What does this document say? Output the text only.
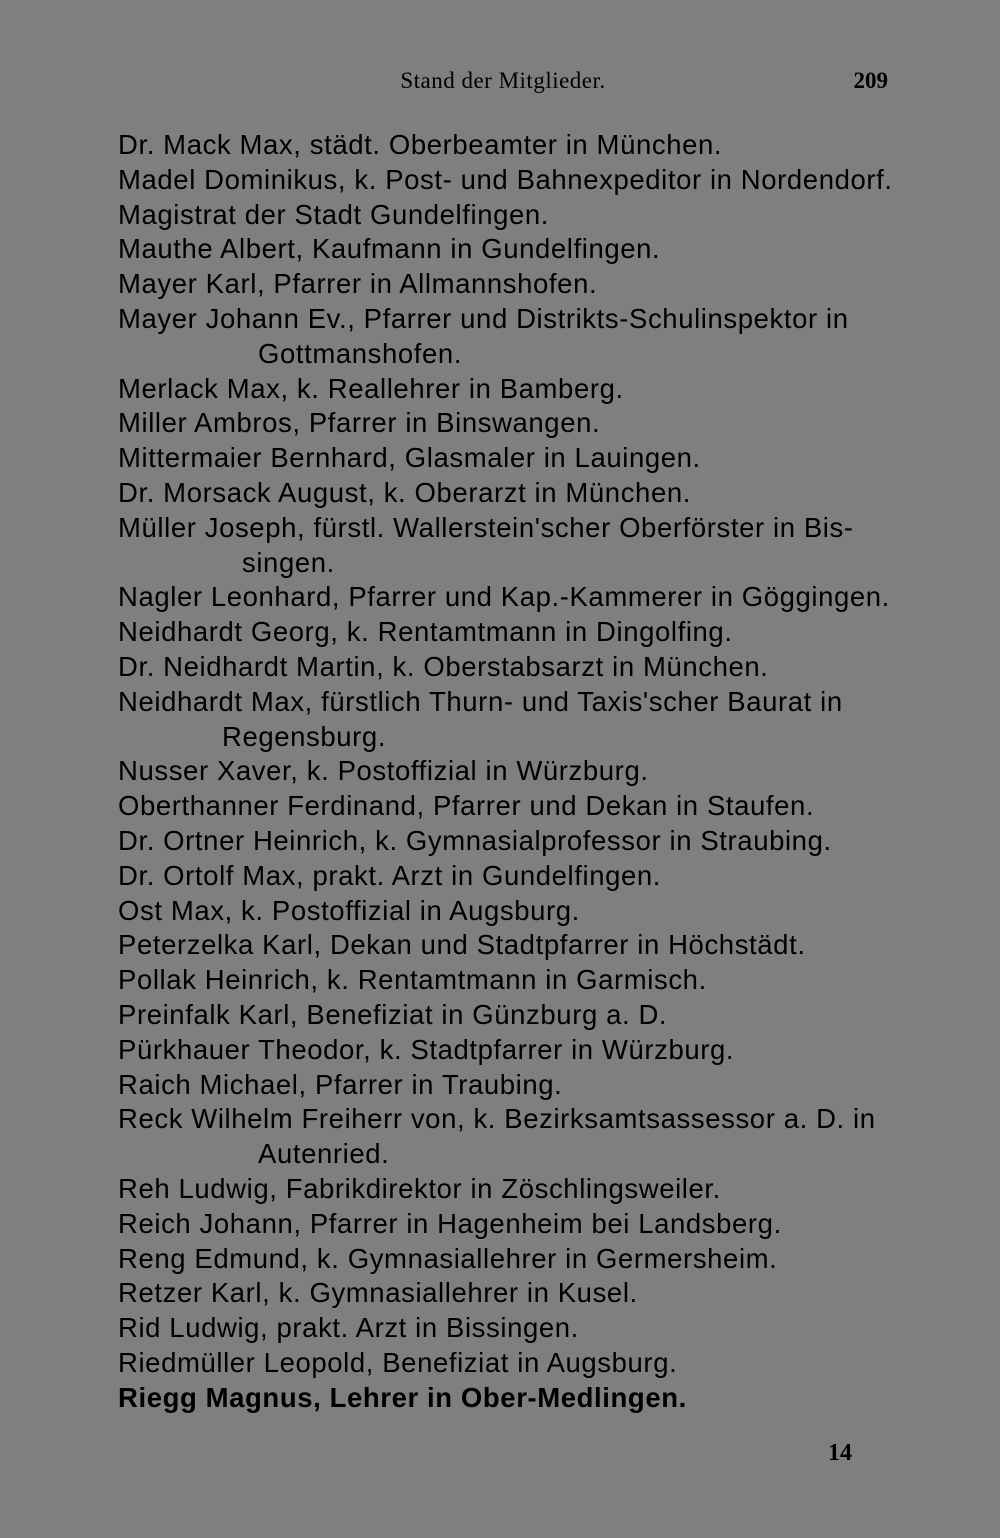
Stand der Mitglieder.	209

Dr. Mack Max, städt. Oberbeamter in München.

Madel Dominikus, k. Post- und Bahnexpeditor in Nordendorf.

Magistrat der Stadt Gundelfingen.

Mauthe Albert, Kaufmann in Gundelfingen.

Mayer Karl, Pfarrer in Allmannshofen.

Mayer Johann Ev., Pfarrer und Distrikts-Schulinspektor in
Gottmanshofen.

Merlack Max, k. Reallehrer in Bamberg.

Miller Ambros, Pfarrer in Binswangen.

Mittermaier Bernhard, Glasmaler in Lauingen.

Dr. Morsack August, k. Oberarzt in München.

Müller Joseph, fürstl. Wallerstein'scher Oberförster in Bis-
singen.

Nagler Leonhard, Pfarrer und Kap.-Kammerer in Göggingen.

Neidhardt Georg, k. Rentamtmann in Dingolfing.

Dr. Neidhardt Martin, k. Oberstabsarzt in München.

Neidhardt Max, fürstlich Thurn- und Taxis'scher Baurat in
Regensburg.

Nusser Xaver, k. Postoffizial in Würzburg.

Oberthanner Ferdinand, Pfarrer und Dekan in Staufen.

Dr. Ortner Heinrich, k. Gymnasialprofessor in Straubing.

Dr. Ortolf Max, prakt. Arzt in Gundelfingen.

Ost Max, k. Postoffizial in Augsburg.

Peterzelka Karl, Dekan und Stadtpfarrer in Höchstädt.

Pollak Heinrich, k. Rentamtmann in Garmisch.

Preinfalk Karl, Benefiziat in Günzburg a. D.

Pürkhauer Theodor, k. Stadtpfarrer in Würzburg.

Raich Michael, Pfarrer in Traubing.

Reck Wilhelm Freiherr von, k. Bezirksamtsassessor a. D. in
Autenried.

Reh Ludwig, Fabrikdirektor in Zöschlingsweiler.

Reich Johann, Pfarrer in Hagenheim bei Landsberg.

Reng Edmund, k. Gymnasiallehrer in Germersheim.

Retzer Karl, k. Gymnasiallehrer in Kusel.

Rid Ludwig, prakt. Arzt in Bissingen.

Riedmüller Leopold, Benefiziat in Augsburg.

Riegg Magnus, Lehrer in Ober-Medlingen.

14
